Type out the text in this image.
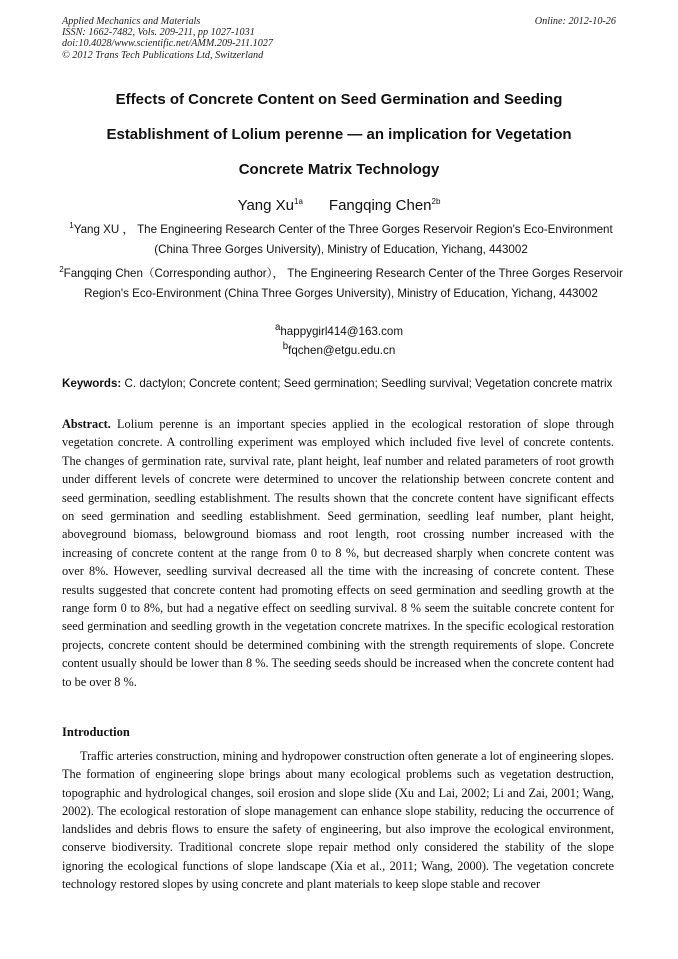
Applied Mechanics and Materials
ISSN: 1662-7482, Vols. 209-211, pp 1027-1031
doi:10.4028/www.scientific.net/AMM.209-211.1027
© 2012 Trans Tech Publications Ltd, Switzerland
Online: 2012-10-26
Effects of Concrete Content on Seed Germination and Seeding
Establishment of Lolium perenne — an implication for Vegetation
Concrete Matrix Technology
Yang $Xu^{1a}$ Fangqing Chen$^{2b}$
$^1$Yang XU ， The Engineering Research Center of the Three Gorges Reservoir Region's Eco-Environment (China Three Gorges University), Ministry of Education, Yichang, 443002
$^2$Fangqing Chen（Corresponding author）， The Engineering Research Center of the Three Gorges Reservoir Region's Eco-Environment (China Three Gorges University), Ministry of Education, Yichang, 443002
$^a$happygirl414@163.com
$^b$fqchen@etgu.edu.cn
Keywords: C. dactylon; Concrete content; Seed germination; Seedling survival; Vegetation concrete matrix
Abstract. Lolium perenne is an important species applied in the ecological restoration of slope through vegetation concrete. A controlling experiment was employed which included five level of concrete contents. The changes of germination rate, survival rate, plant height, leaf number and related parameters of root growth under different levels of concrete were determined to uncover the relationship between concrete content and seed germination, seedling establishment. The results shown that the concrete content have significant effects on seed germination and seedling establishment. Seed germination, seedling leaf number, plant height, aboveground biomass, belowground biomass and root length, root crossing number increased with the increasing of concrete content at the range from 0 to 8 %, but decreased sharply when concrete content was over 8%. However, seedling survival decreased all the time with the increasing of concrete content. These results suggested that concrete content had promoting effects on seed germination and seedling growth at the range form 0 to 8%, but had a negative effect on seedling survival. 8 % seem the suitable concrete content for seed germination and seedling growth in the vegetation concrete matrixes. In the specific ecological restoration projects, concrete content should be determined combining with the strength requirements of slope. Concrete content usually should be lower than 8 %. The seeding seeds should be increased when the concrete content had to be over 8 %.
Introduction
Traffic arteries construction, mining and hydropower construction often generate a lot of engineering slopes. The formation of engineering slope brings about many ecological problems such as vegetation destruction, topographic and hydrological changes, soil erosion and slope slide (Xu and Lai, 2002; Li and Zai, 2001; Wang, 2002). The ecological restoration of slope management can enhance slope stability, reducing the occurrence of landslides and debris flows to ensure the safety of engineering, but also improve the ecological environment, conserve biodiversity. Traditional concrete slope repair method only considered the stability of the slope ignoring the ecological functions of slope landscape (Xia et al., 2011; Wang, 2000). The vegetation concrete technology restored slopes by using concrete and plant materials to keep slope stable and recover
